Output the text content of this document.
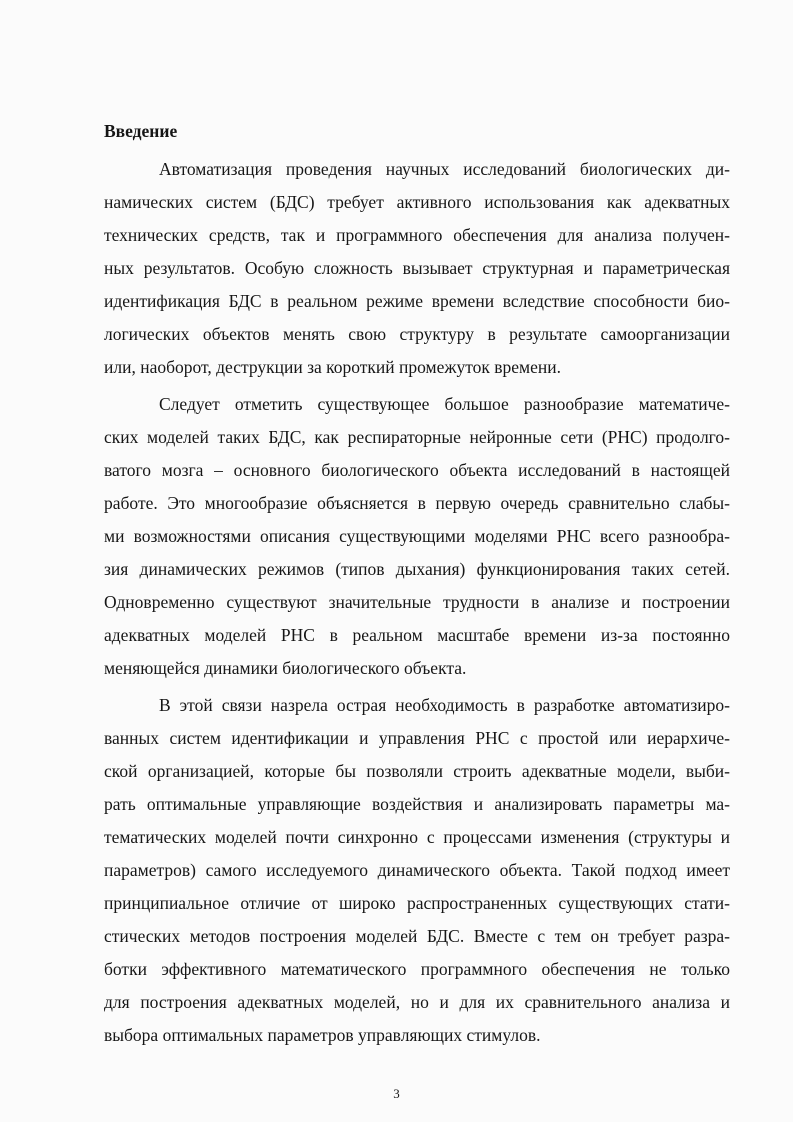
Введение
Автоматизация проведения научных исследований биологических ди-
намических систем (БДС) требует активного использования как адекватных
технических средств, так и программного обеспечения для анализа получен-
ных результатов. Особую сложность вызывает структурная и параметрическая
идентификация БДС в реальном режиме времени вследствие способности био-
логических объектов менять свою структуру в результате самоорганизации
или, наоборот, деструкции за короткий промежуток времени.
Следует отметить существующее большое разнообразие математиче-
ских моделей таких БДС, как респираторные нейронные сети (РНС) продолго-
ватого мозга – основного биологического объекта исследований в настоящей
работе. Это многообразие объясняется в первую очередь сравнительно слабы-
ми возможностями описания существующими моделями РНС всего разнообра-
зия динамических режимов (типов дыхания) функционирования таких сетей.
Одновременно существуют значительные трудности в анализе и построении
адекватных моделей РНС в реальном масштабе времени из-за постоянно
меняющейся динамики биологического объекта.
В этой связи назрела острая необходимость в разработке автоматизиро-
ванных систем идентификации и управления РНС с простой или иерархиче-
ской организацией, которые бы позволяли строить адекватные модели, выби-
рать оптимальные управляющие воздействия и анализировать параметры ма-
тематических моделей почти синхронно с процессами изменения (структуры и
параметров) самого исследуемого динамического объекта. Такой подход имеет
принципиальное отличие от широко распространенных существующих стати-
стических методов построения моделей БДС. Вместе с тем он требует разра-
ботки эффективного математического программного обеспечения не только
для построения адекватных моделей, но и для их сравнительного анализа и
выбора оптимальных параметров управляющих стимулов.
3
